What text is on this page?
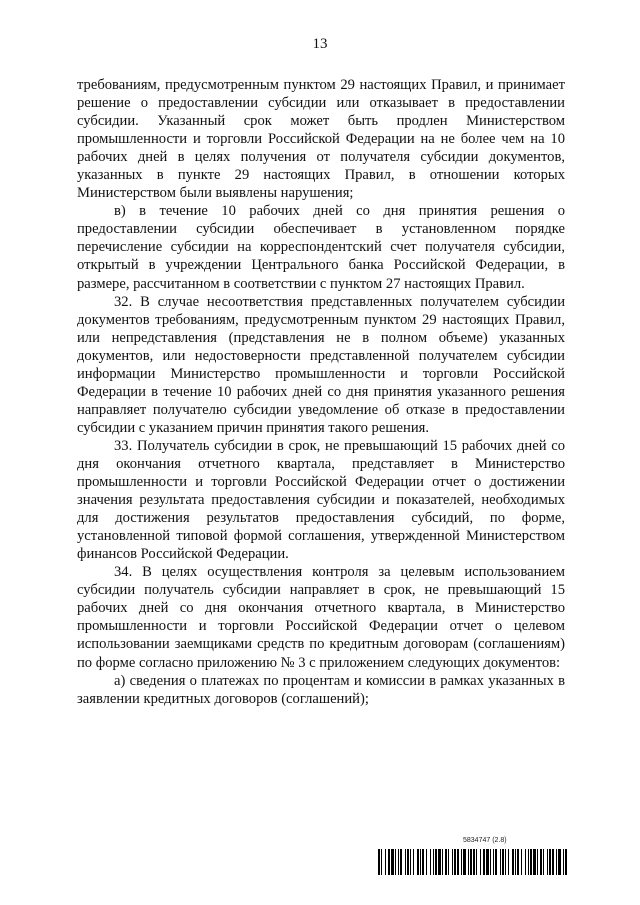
13

требованиям, предусмотренным пунктом 29 настоящих Правил, и принимает решение о предоставлении субсидии или отказывает в предоставлении субсидии. Указанный срок может быть продлен Министерством промышленности и торговли Российской Федерации на не более чем на 10 рабочих дней в целях получения от получателя субсидии документов, указанных в пункте 29 настоящих Правил, в отношении которых Министерством были выявлены нарушения;

в) в течение 10 рабочих дней со дня принятия решения о предоставлении субсидии обеспечивает в установленном порядке перечисление субсидии на корреспондентский счет получателя субсидии, открытый в учреждении Центрального банка Российской Федерации, в размере, рассчитанном в соответствии с пунктом 27 настоящих Правил.

32. В случае несоответствия представленных получателем субсидии документов требованиям, предусмотренным пунктом 29 настоящих Правил, или непредставления (представления не в полном объеме) указанных документов, или недостоверности представленной получателем субсидии информации Министерство промышленности и торговли Российской Федерации в течение 10 рабочих дней со дня принятия указанного решения направляет получателю субсидии уведомление об отказе в предоставлении субсидии с указанием причин принятия такого решения.

33. Получатель субсидии в срок, не превышающий 15 рабочих дней со дня окончания отчетного квартала, представляет в Министерство промышленности и торговли Российской Федерации отчет о достижении значения результата предоставления субсидии и показателей, необходимых для достижения результатов предоставления субсидий, по форме, установленной типовой формой соглашения, утвержденной Министерством финансов Российской Федерации.

34. В целях осуществления контроля за целевым использованием субсидии получатель субсидии направляет в срок, не превышающий 15 рабочих дней со дня окончания отчетного квартала, в Министерство промышленности и торговли Российской Федерации отчет о целевом использовании заемщиками средств по кредитным договорам (соглашениям) по форме согласно приложению № 3 с приложением следующих документов:

а) сведения о платежах по процентам и комиссии в рамках указанных в заявлении кредитных договоров (соглашений);

5834747 (2.8)
